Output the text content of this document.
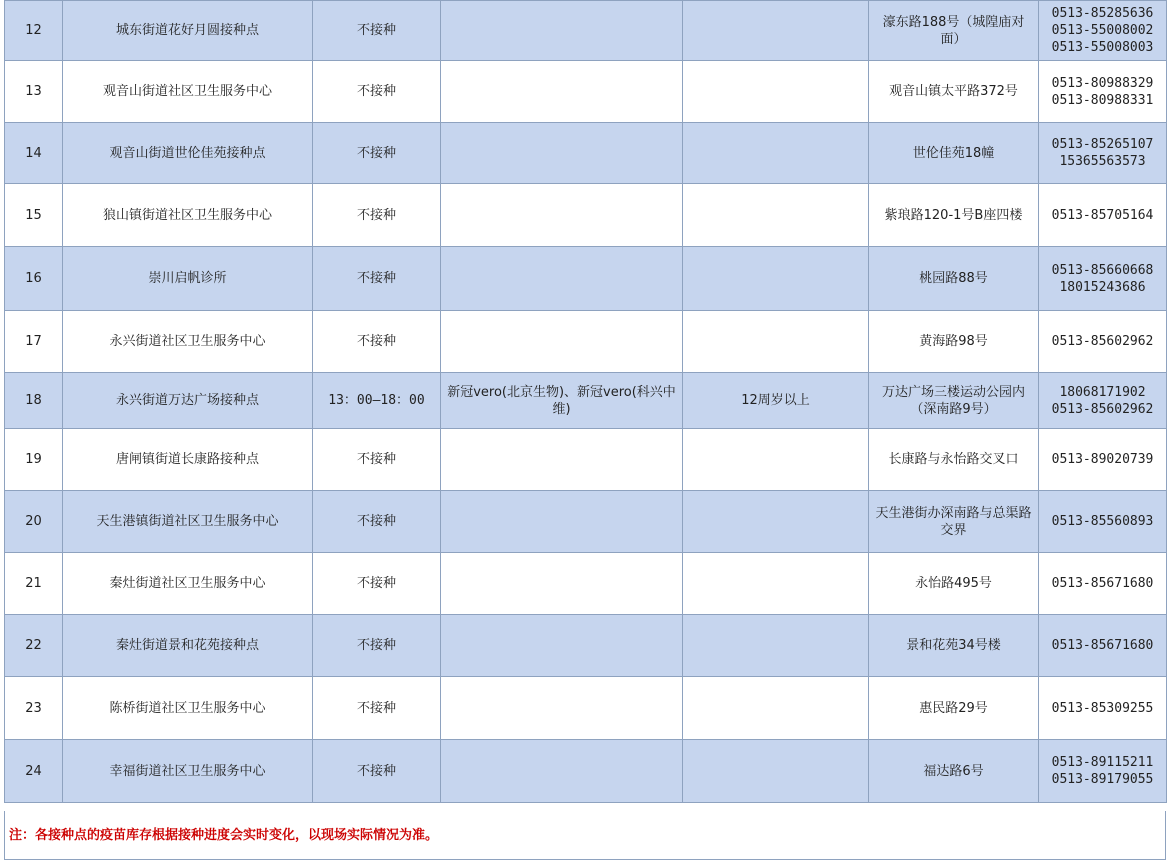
12	城东街道花好月圆接种点	不接种			濠东路188号（城隍庙对面）	0513-85285636
0513-55008002
0513-55008003

13	观音山街道社区卫生服务中心	不接种			观音山镇太平路372号	0513-80988329
0513-80988331

14	观音山街道世伦佳苑接种点	不接种			世伦佳苑18幢	0513-85265107
15365563573

15	狼山镇街道社区卫生服务中心	不接种			紫琅路120-1号B座四楼	0513-85705164

16	崇川启帆诊所	不接种			桃园路88号	0513-85660668
18015243686

17	永兴街道社区卫生服务中心	不接种			黄海路98号	0513-85602962

18	永兴街道万达广场接种点	13：00—18：00	新冠vero(北京生物)、新冠vero(科兴中维)	12周岁以上	万达广场三楼运动公园内（深南路9号）	18068171902
0513-85602962

19	唐闸镇街道长康路接种点	不接种			长康路与永怡路交叉口	0513-89020739

20	天生港镇街道社区卫生服务中心	不接种			天生港街办深南路与总渠路交界	0513-85560893

21	秦灶街道社区卫生服务中心	不接种			永怡路495号	0513-85671680

22	秦灶街道景和花苑接种点	不接种			景和花苑34号楼	0513-85671680

23	陈桥街道社区卫生服务中心	不接种			惠民路29号	0513-85309255

24	幸福街道社区卫生服务中心	不接种			福达路6号	0513-89115211
0513-89179055
注：各接种点的疫苗库存根据接种进度会实时变化，以现场实际情况为准。
